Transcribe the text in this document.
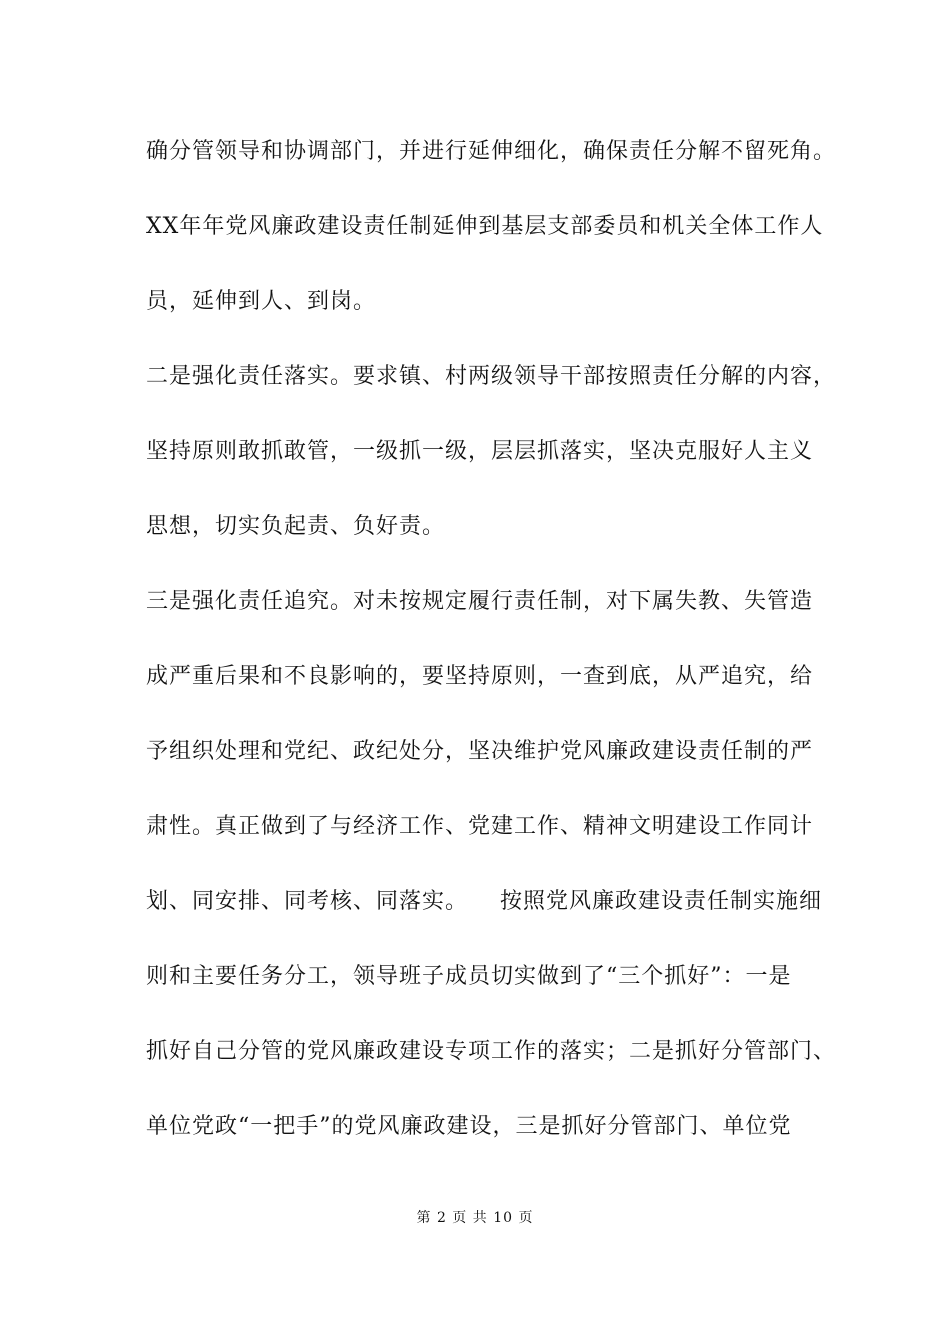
确分管领导和协调部门，并进行延伸细化，确保责任分解不留死角。
XX年年党风廉政建设责任制延伸到基层支部委员和机关全体工作人
员，延伸到人、到岗。
二是强化责任落实。要求镇、村两级领导干部按照责任分解的内容，
坚持原则敢抓敢管，一级抓一级，层层抓落实，坚决克服好人主义
思想，切实负起责、负好责。
三是强化责任追究。对未按规定履行责任制，对下属失教、失管造
成严重后果和不良影响的，要坚持原则，一查到底，从严追究，给
予组织处理和党纪、政纪处分，坚决维护党风廉政建设责任制的严
肃性。真正做到了与经济工作、党建工作、精神文明建设工作同计
划、同安排、同考核、同落实。    按照党风廉政建设责任制实施细
则和主要任务分工，领导班子成员切实做到了“三个抓好”：一是
抓好自己分管的党风廉政建设专项工作的落实；二是抓好分管部门、
单位党政“一把手”的党风廉政建设，三是抓好分管部门、单位党
第 2 页 共 10 页
